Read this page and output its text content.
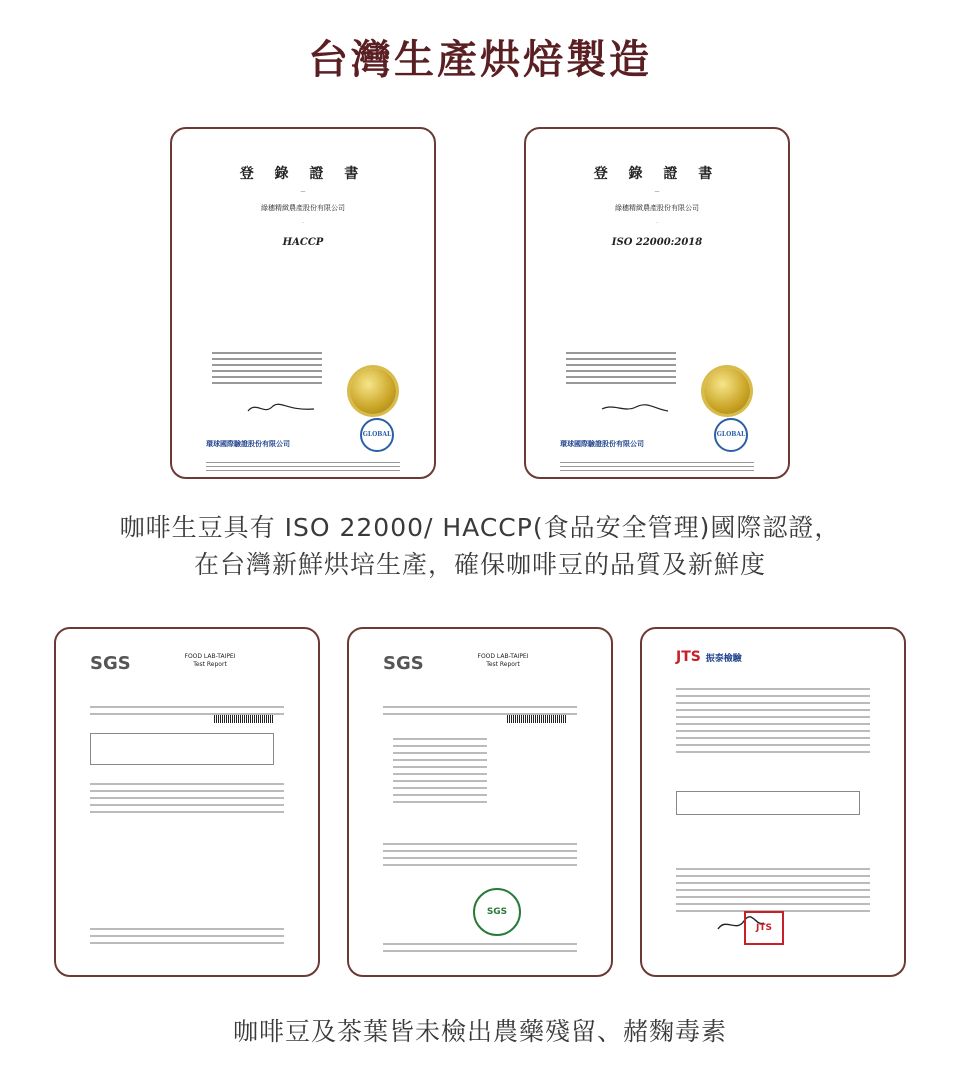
台灣生產烘焙製造
登 錄 證 書
—
綠穗精緻農產股份有限公司
.
HACCP
GLOBAL
環球國際驗證股份有限公司
登 錄 證 書
—
綠穗精緻農產股份有限公司
.
ISO 22000:2018
GLOBAL
環球國際驗證股份有限公司
咖啡生豆具有 ISO 22000/ HACCP(食品安全管理)國際認證，
在台灣新鮮烘培生產，確保咖啡豆的品質及新鮮度
SGS	FOOD LAB-TAIPEI
Test Report	SGS	FOOD LAB-TAIPEI
Test Report
SGS
JTS 振泰檢驗
JTS
咖啡豆及茶葉皆未檢出農藥殘留、赭麴毒素
